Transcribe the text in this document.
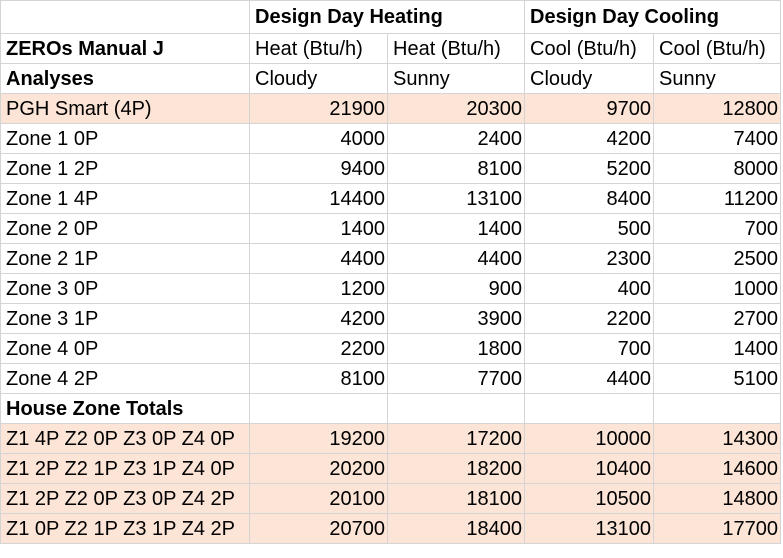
	Design Day Heating		Design Day Cooling	
ZEROs Manual J	Heat (Btu/h)	Heat (Btu/h)	Cool (Btu/h)	Cool (Btu/h)
Analyses	Cloudy	Sunny	Cloudy	Sunny
PGH Smart (4P)	21900	20300	9700	12800
Zone 1 0P	4000	2400	4200	7400
Zone 1 2P	9400	8100	5200	8000
Zone 1 4P	14400	13100	8400	11200
Zone 2 0P	1400	1400	500	700
Zone 2 1P	4400	4400	2300	2500
Zone 3 0P	1200	900	400	1000
Zone 3 1P	4200	3900	2200	2700
Zone 4 0P	2200	1800	700	1400
Zone 4 2P	8100	7700	4400	5100
House Zone Totals				
Z1 4P Z2 0P Z3 0P Z4 0P	19200	17200	10000	14300
Z1 2P Z2 1P Z3 1P Z4 0P	20200	18200	10400	14600
Z1 2P Z2 0P Z3 0P Z4 2P	20100	18100	10500	14800
Z1 0P Z2 1P Z3 1P Z4 2P	20700	18400	13100	17700
